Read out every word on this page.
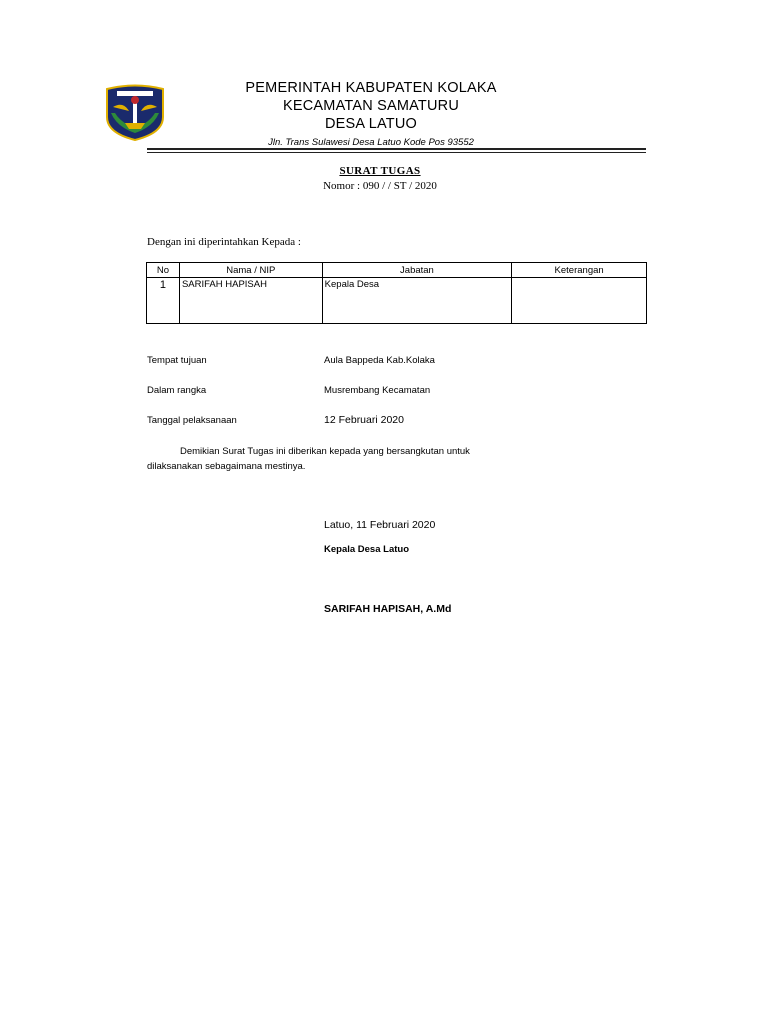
PEMERINTAH KABUPATEN KOLAKA
KECAMATAN SAMATURU
DESA LATUO
Jln. Trans Sulawesi Desa Latuo Kode Pos 93552
SURAT TUGAS
Nomor : 090 / / ST / 2020
Dengan ini diperintahkan Kepada :
No	Nama / NIP	Jabatan	Keterangan
1	SARIFAH HAPISAH	Kepala Desa	
Tempat tujuan	Aula Bappeda Kab.Kolaka
Dalam rangka	Musrembang Kecamatan
Tanggal pelaksanaan	12 Februari 2020
Demikian Surat Tugas ini diberikan kepada yang bersangkutan untuk
dilaksanakan sebagaimana mestinya.
Latuo, 11 Februari 2020
Kepala Desa Latuo
SARIFAH HAPISAH, A.Md
